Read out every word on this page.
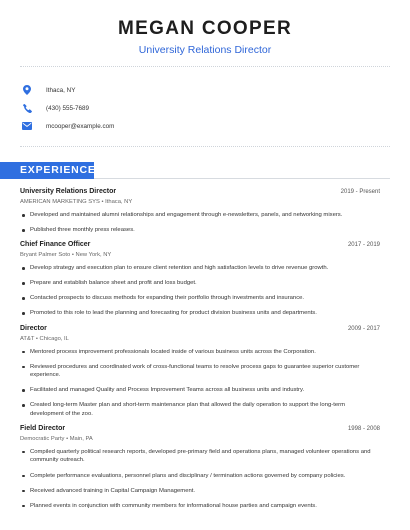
MEGAN COOPER
University Relations Director
Ithaca, NY
(430) 555-7689
mcooper@example.com
EXPERIENCE
University Relations Director	2019 - Present
AMERICAN MARKETING SYS • Ithaca, NY
Developed and maintained alumni relationships and engagement through e-newsletters, panels, and networking mixers.
Published three monthly press releases.
Chief Finance Officer	2017 - 2019
Bryant Palmer Soto • New York, NY
Develop strategy and execution plan to ensure client retention and high satisfaction levels to drive revenue growth.
Prepare and establish balance sheet and profit and loss budget.
Contacted prospects to discuss methods for expanding their portfolio through investments and insurance.
Promoted to this role to lead the planning and forecasting for product division business units and departments.
Director	2009 - 2017
AT&T • Chicago, IL
Mentored process improvement professionals located inside of various business units across the Corporation.
Reviewed procedures and coordinated work of cross-functional teams to resolve process gaps to guarantee superior customer experience.
Facilitated and managed Quality and Process Improvement Teams across all business units and industry.
Created long-term Master plan and short-term maintenance plan that allowed the daily operation to support the long-term development of the zoo.
Field Director	1998 - 2008
Democratic Party • Main, PA
Compiled quarterly political research reports, developed pre-primary field and operations plans, managed volunteer operations and community outreach.
Complete performance evaluations, personnel plans and disciplinary / termination actions governed by company policies.
Received advanced training in Capital Campaign Management.
Planned events in conjunction with community members for informational house parties and campaign events.
